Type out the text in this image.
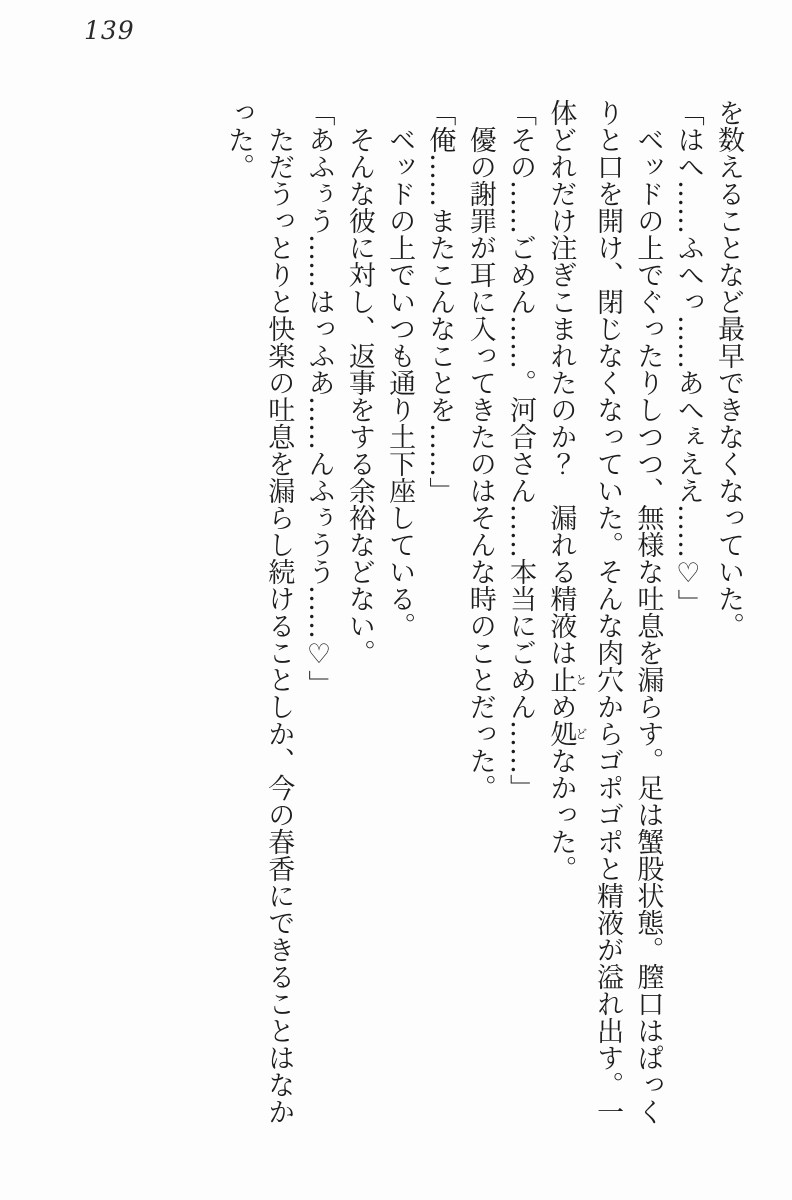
139

を数えることなど最早できなくなっていた。

「はへ……ふへっ……あへぇええ……♡」

ベッドの上でぐったりしつつ、無様な吐息を漏らす。足は蟹股状態。膣口はぱっく

りと口を開け、閉じなくなっていた。そんな肉穴からゴポゴポと精液が溢れ出す。一

体どれだけ注ぎこまれたのか？　漏れる精液は止とめ処どなかった。

「その……ごめん……。河合さん……本当にごめん……」

優の謝罪が耳に入ってきたのはそんな時のことだった。

「俺……またこんなことを……」

ベッドの上でいつも通り土下座している。

そんな彼に対し、返事をする余裕などない。

「あふぅう……はっふあ……んふぅうう……♡」

ただうっとりと快楽の吐息を漏らし続けることしか、今の春香にできることはなか

った。
